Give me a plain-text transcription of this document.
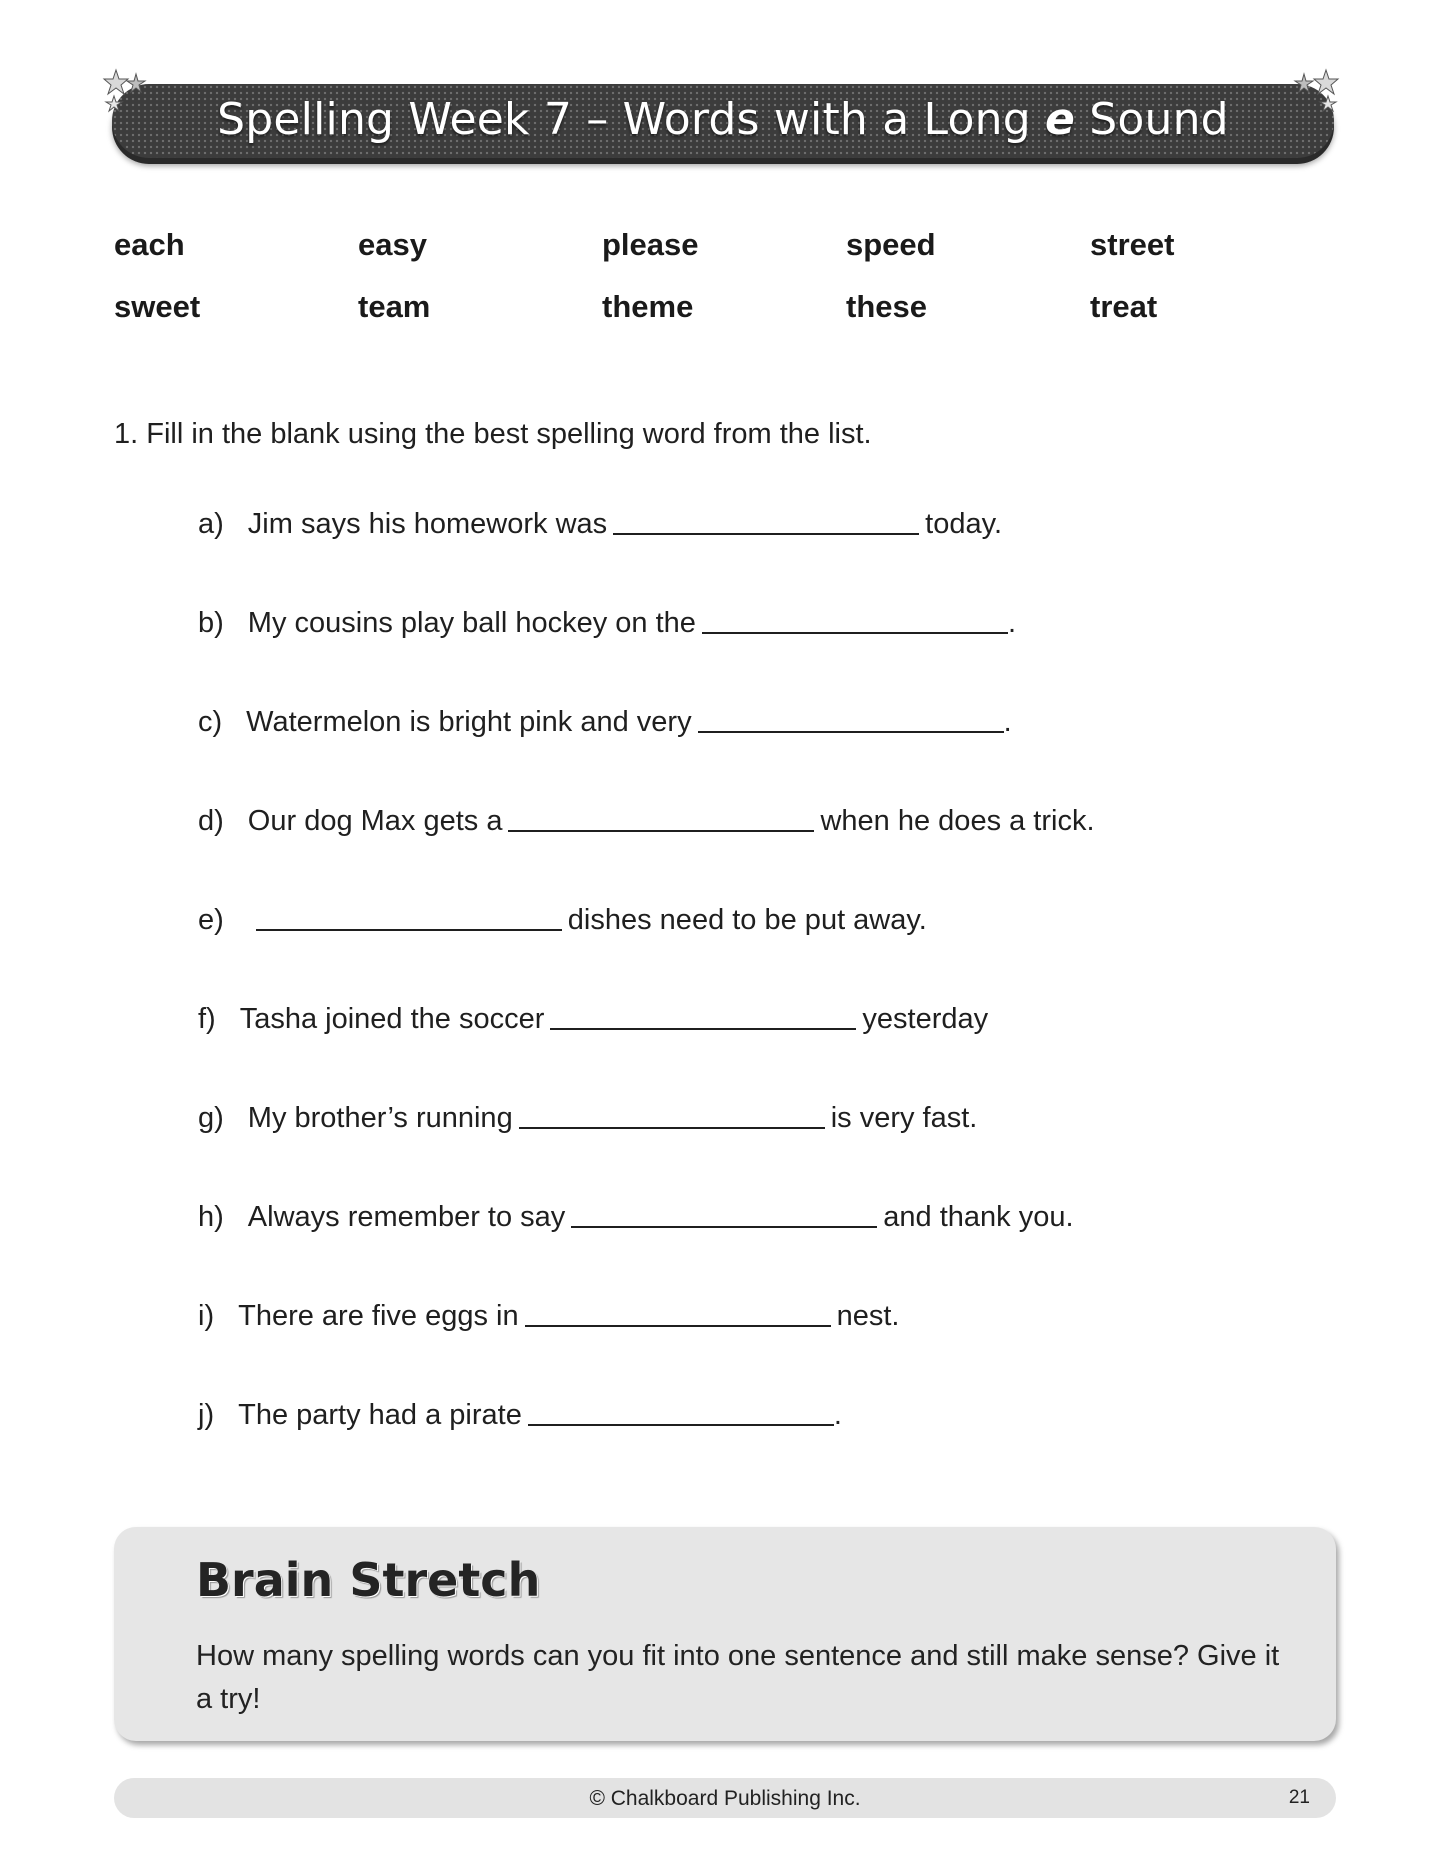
Spelling Week 7 – Words with a Long e Sound
each	easy	please	speed	street
sweet	team	theme	these	treat
1. Fill in the blank using the best spelling word from the list.
a) Jim says his homework was	today.
b) My cousins play ball hockey on the	.
c) Watermelon is bright pink and very	.
d) Our dog Max gets a	when he does a trick.
e)	dishes need to be put away.
f) Tasha joined the soccer	yesterday
g) My brother’s running	is very fast.
h) Always remember to say	and thank you.
i) There are five eggs in	nest.
j) The party had a pirate	.
Brain Stretch
How many spelling words can you fit into one sentence and still make sense? Give it a try!
© Chalkboard Publishing Inc.	21
